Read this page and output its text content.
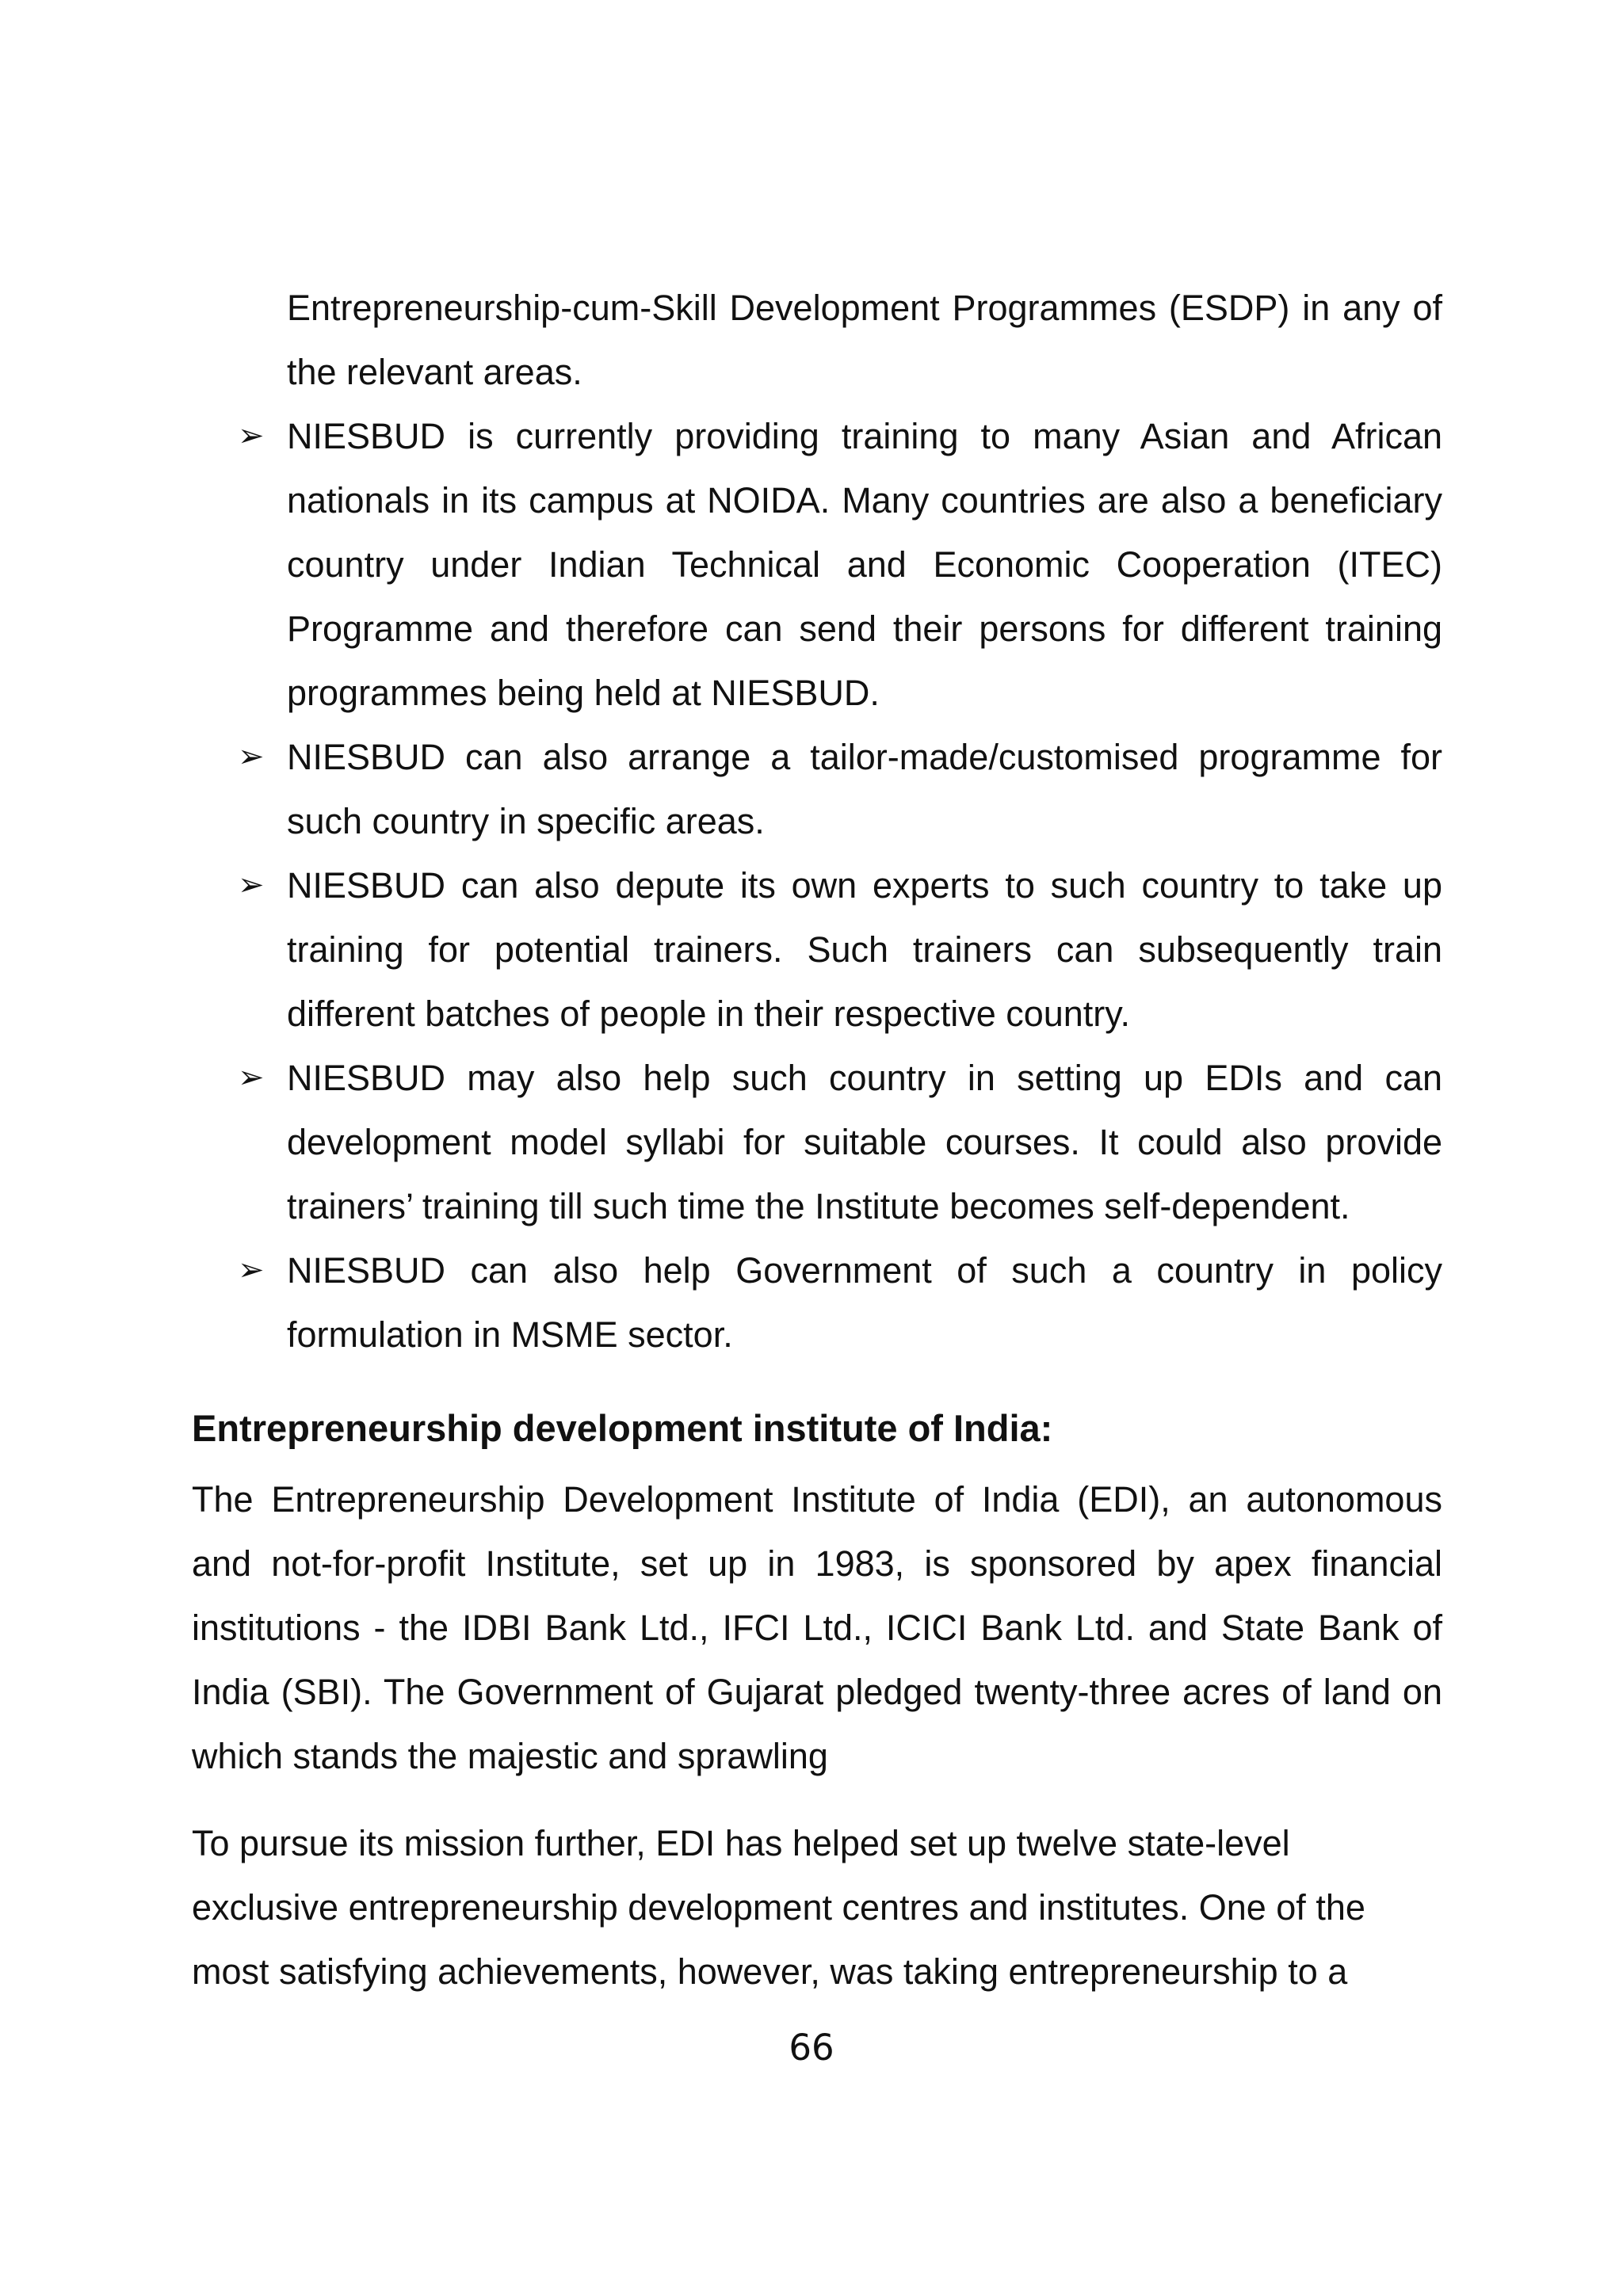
Entrepreneurship-cum-Skill Development Programmes (ESDP) in any of the relevant areas.

➢ NIESBUD is currently providing training to many Asian and African nationals in its campus at NOIDA. Many countries are also a beneficiary country under Indian Technical and Economic Cooperation (ITEC) Programme and therefore can send their persons for different training programmes being held at NIESBUD.
➢ NIESBUD can also arrange a tailor-made/customised programme for such country in specific areas.
➢ NIESBUD can also depute its own experts to such country to take up training for potential trainers. Such trainers can subsequently train different batches of people in their respective country.
➢ NIESBUD may also help such country in setting up EDIs and can development model syllabi for suitable courses. It could also provide trainers’ training till such time the Institute becomes self-dependent.
➢ NIESBUD can also help Government of such a country in policy formulation in MSME sector.
Entrepreneurship development institute of India:

The Entrepreneurship Development Institute of India (EDI), an autonomous and not-for-profit Institute, set up in 1983, is sponsored by apex financial institutions - the IDBI Bank Ltd., IFCI Ltd., ICICI Bank Ltd. and State Bank of India (SBI). The Government of Gujarat pledged twenty-three acres of land on which stands the majestic and sprawling

To pursue its mission further, EDI has helped set up twelve state-level exclusive entrepreneurship development centres and institutes. One of the most satisfying achievements, however, was taking entrepreneurship to a

66
